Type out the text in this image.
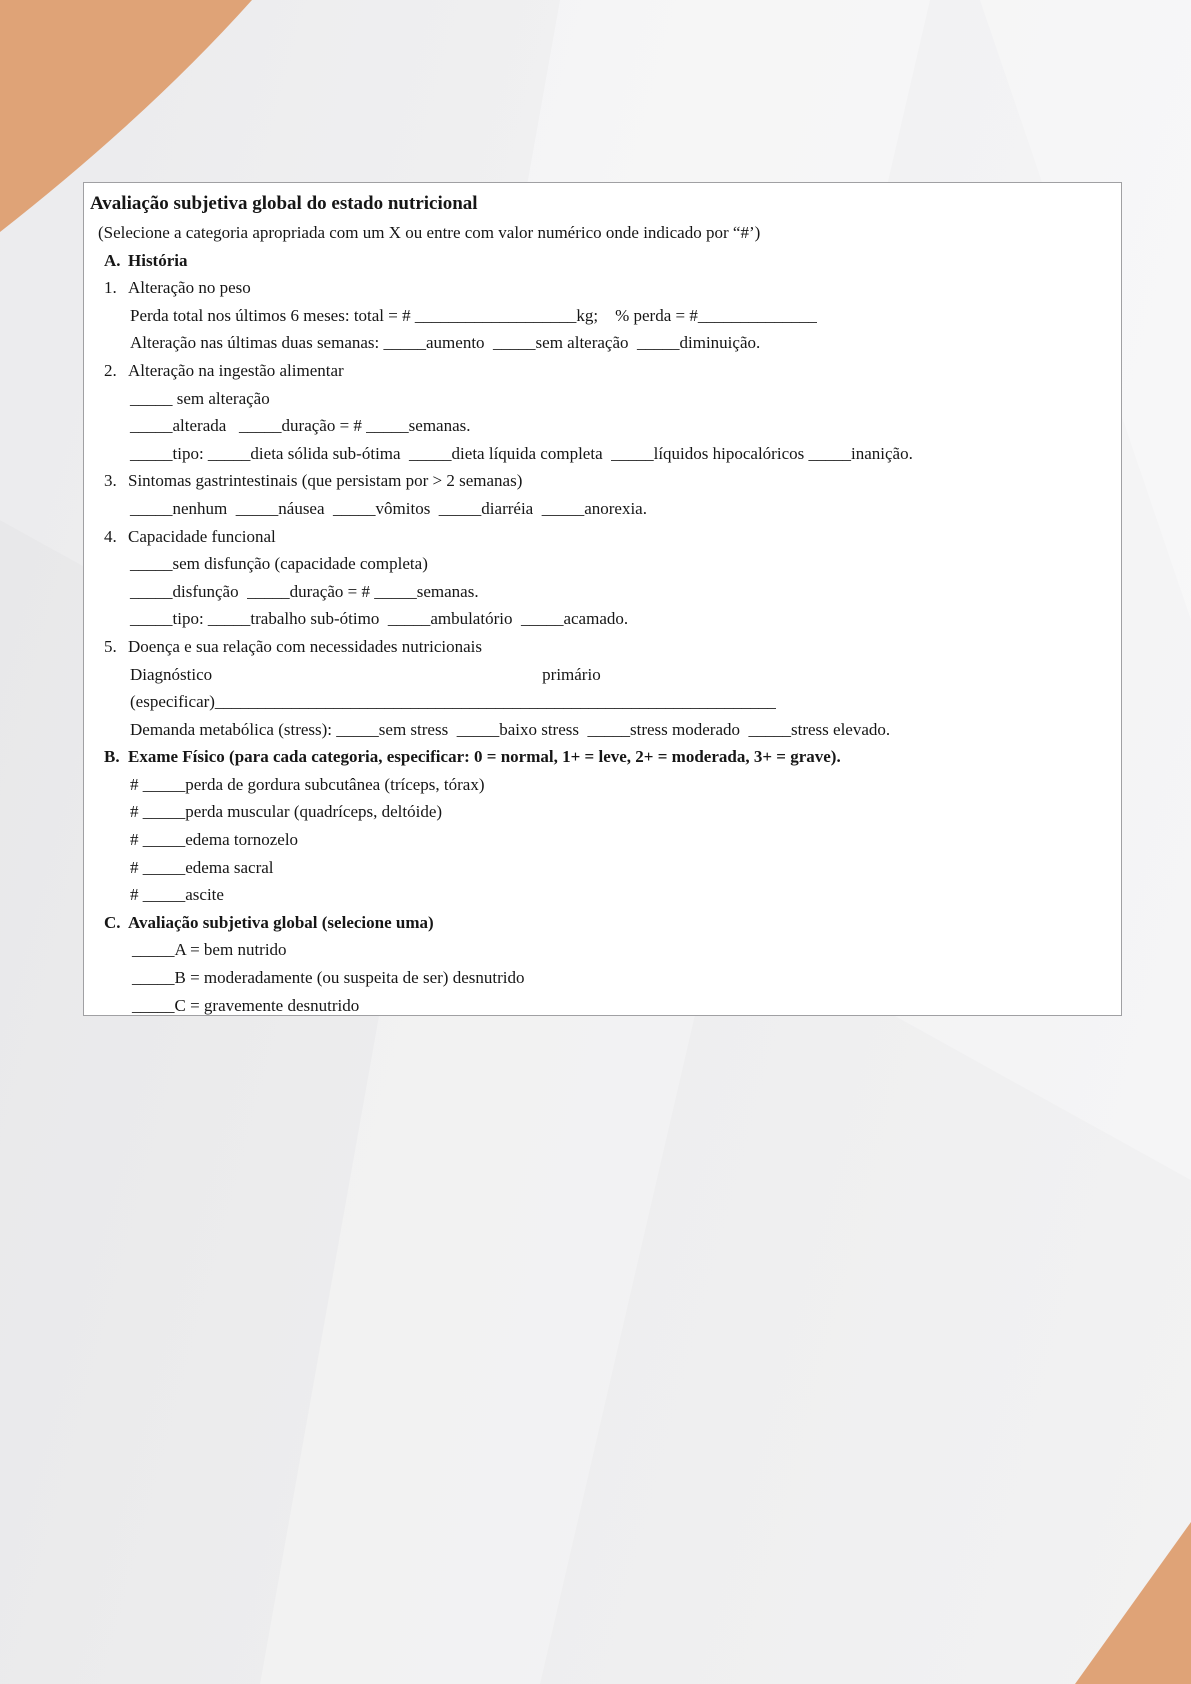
Avaliação subjetiva global do estado nutricional
(Selecione a categoria apropriada com um X ou entre com valor numérico onde indicado por “#’)
A. História
1. Alteração no peso
Perda total nos últimos 6 meses: total = # ___________________kg;    % perda = #______________
Alteração nas últimas duas semanas: _____aumento  _____sem alteração  _____diminuição.
2. Alteração na ingestão alimentar
_____ sem alteração
_____alterada   _____duração = # _____semanas.
_____tipo: _____dieta sólida sub-ótima  _____dieta líquida completa  _____líquidos hipocalóricos _____inanição.
3. Sintomas gastrintestinais (que persistam por > 2 semanas)
_____nenhum  _____náusea  _____vômitos  _____diarréia  _____anorexia.
4. Capacidade funcional
_____sem disfunção (capacidade completa)
_____disfunção  _____duração = # _____semanas.
_____tipo: _____trabalho sub-ótimo  _____ambulatório  _____acamado.
5. Doença e sua relação com necessidades nutricionais
Diagnóstico	primário
(especificar)__________________________________________________________________
Demanda metabólica (stress): _____sem stress  _____baixo stress  _____stress moderado  _____stress elevado.
B. Exame Físico (para cada categoria, especificar: 0 = normal, 1+ = leve, 2+ = moderada, 3+ = grave).
# _____perda de gordura subcutânea (tríceps, tórax)
# _____perda muscular (quadríceps, deltóide)
# _____edema tornozelo
# _____edema sacral
# _____ascite
C. Avaliação subjetiva global (selecione uma)
_____A = bem nutrido
_____B = moderadamente (ou suspeita de ser) desnutrido
_____C = gravemente desnutrido
